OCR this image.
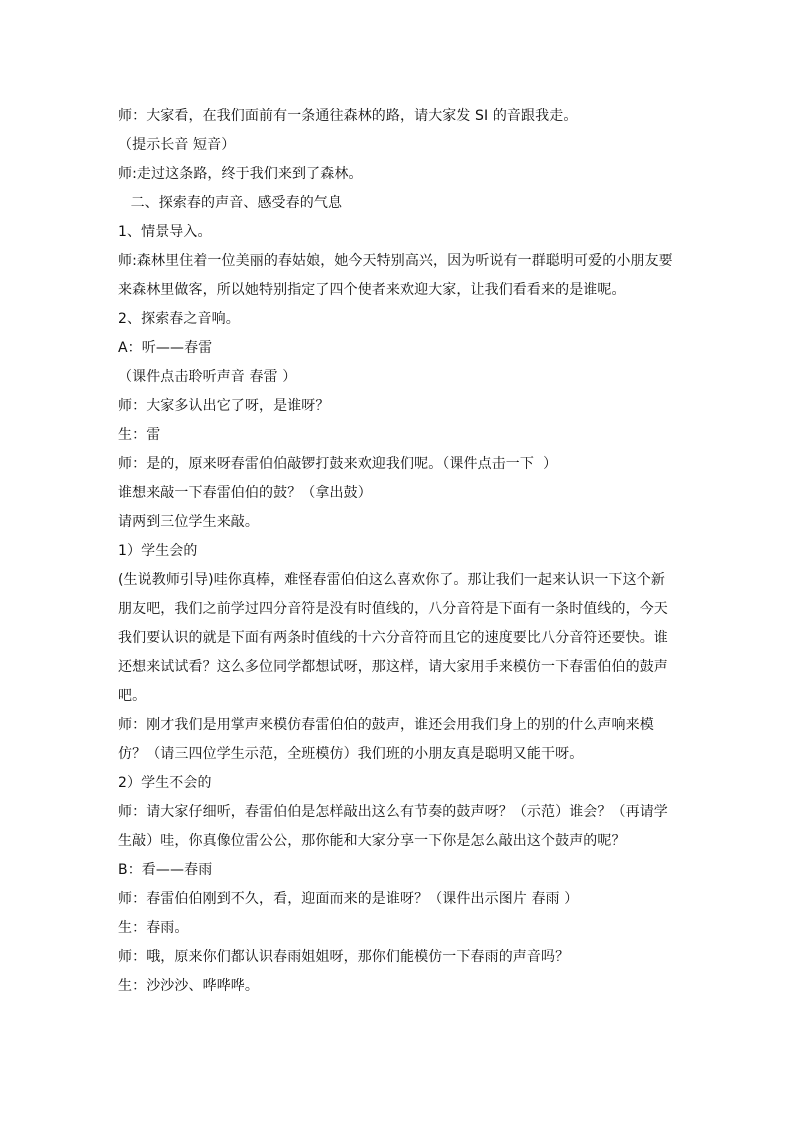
师：大家看，在我们面前有一条通往森林的路，请大家发 SI 的音跟我走。

（提示长音 短音）

师:走过这条路，终于我们来到了森林。

二、探索春的声音、感受春的气息

1、情景导入。

师:森林里住着一位美丽的春姑娘，她今天特别高兴，因为听说有一群聪明可爱的小朋友要来森林里做客，所以她特别指定了四个使者来欢迎大家，让我们看看来的是谁呢。

2、探索春之音响。

A：听——春雷

（课件点击聆听声音 春雷 ）

师：大家多认出它了呀，是谁呀？

生：雷

师：是的，原来呀春雷伯伯敲锣打鼓来欢迎我们呢。（课件点击一下  ）

谁想来敲一下春雷伯伯的鼓？（拿出鼓）

请两到三位学生来敲。

1）学生会的

(生说教师引导)哇你真棒，难怪春雷伯伯这么喜欢你了。那让我们一起来认识一下这个新朋友吧，我们之前学过四分音符是没有时值线的，八分音符是下面有一条时值线的，今天我们要认识的就是下面有两条时值线的十六分音符而且它的速度要比八分音符还要快。谁还想来试试看？这么多位同学都想试呀，那这样，请大家用手来模仿一下春雷伯伯的鼓声吧。

师：刚才我们是用掌声来模仿春雷伯伯的鼓声，谁还会用我们身上的别的什么声响来模仿？（请三四位学生示范，全班模仿）我们班的小朋友真是聪明又能干呀。

2）学生不会的

师：请大家仔细听，春雷伯伯是怎样敲出这么有节奏的鼓声呀？（示范）谁会？（再请学生敲）哇，你真像位雷公公，那你能和大家分享一下你是怎么敲出这个鼓声的呢？

B：看——春雨

师：春雷伯伯刚到不久，看，迎面而来的是谁呀？（课件出示图片 春雨 ）

生：春雨。

师：哦，原来你们都认识春雨姐姐呀，那你们能模仿一下春雨的声音吗？

生：沙沙沙、哗哗哗。
